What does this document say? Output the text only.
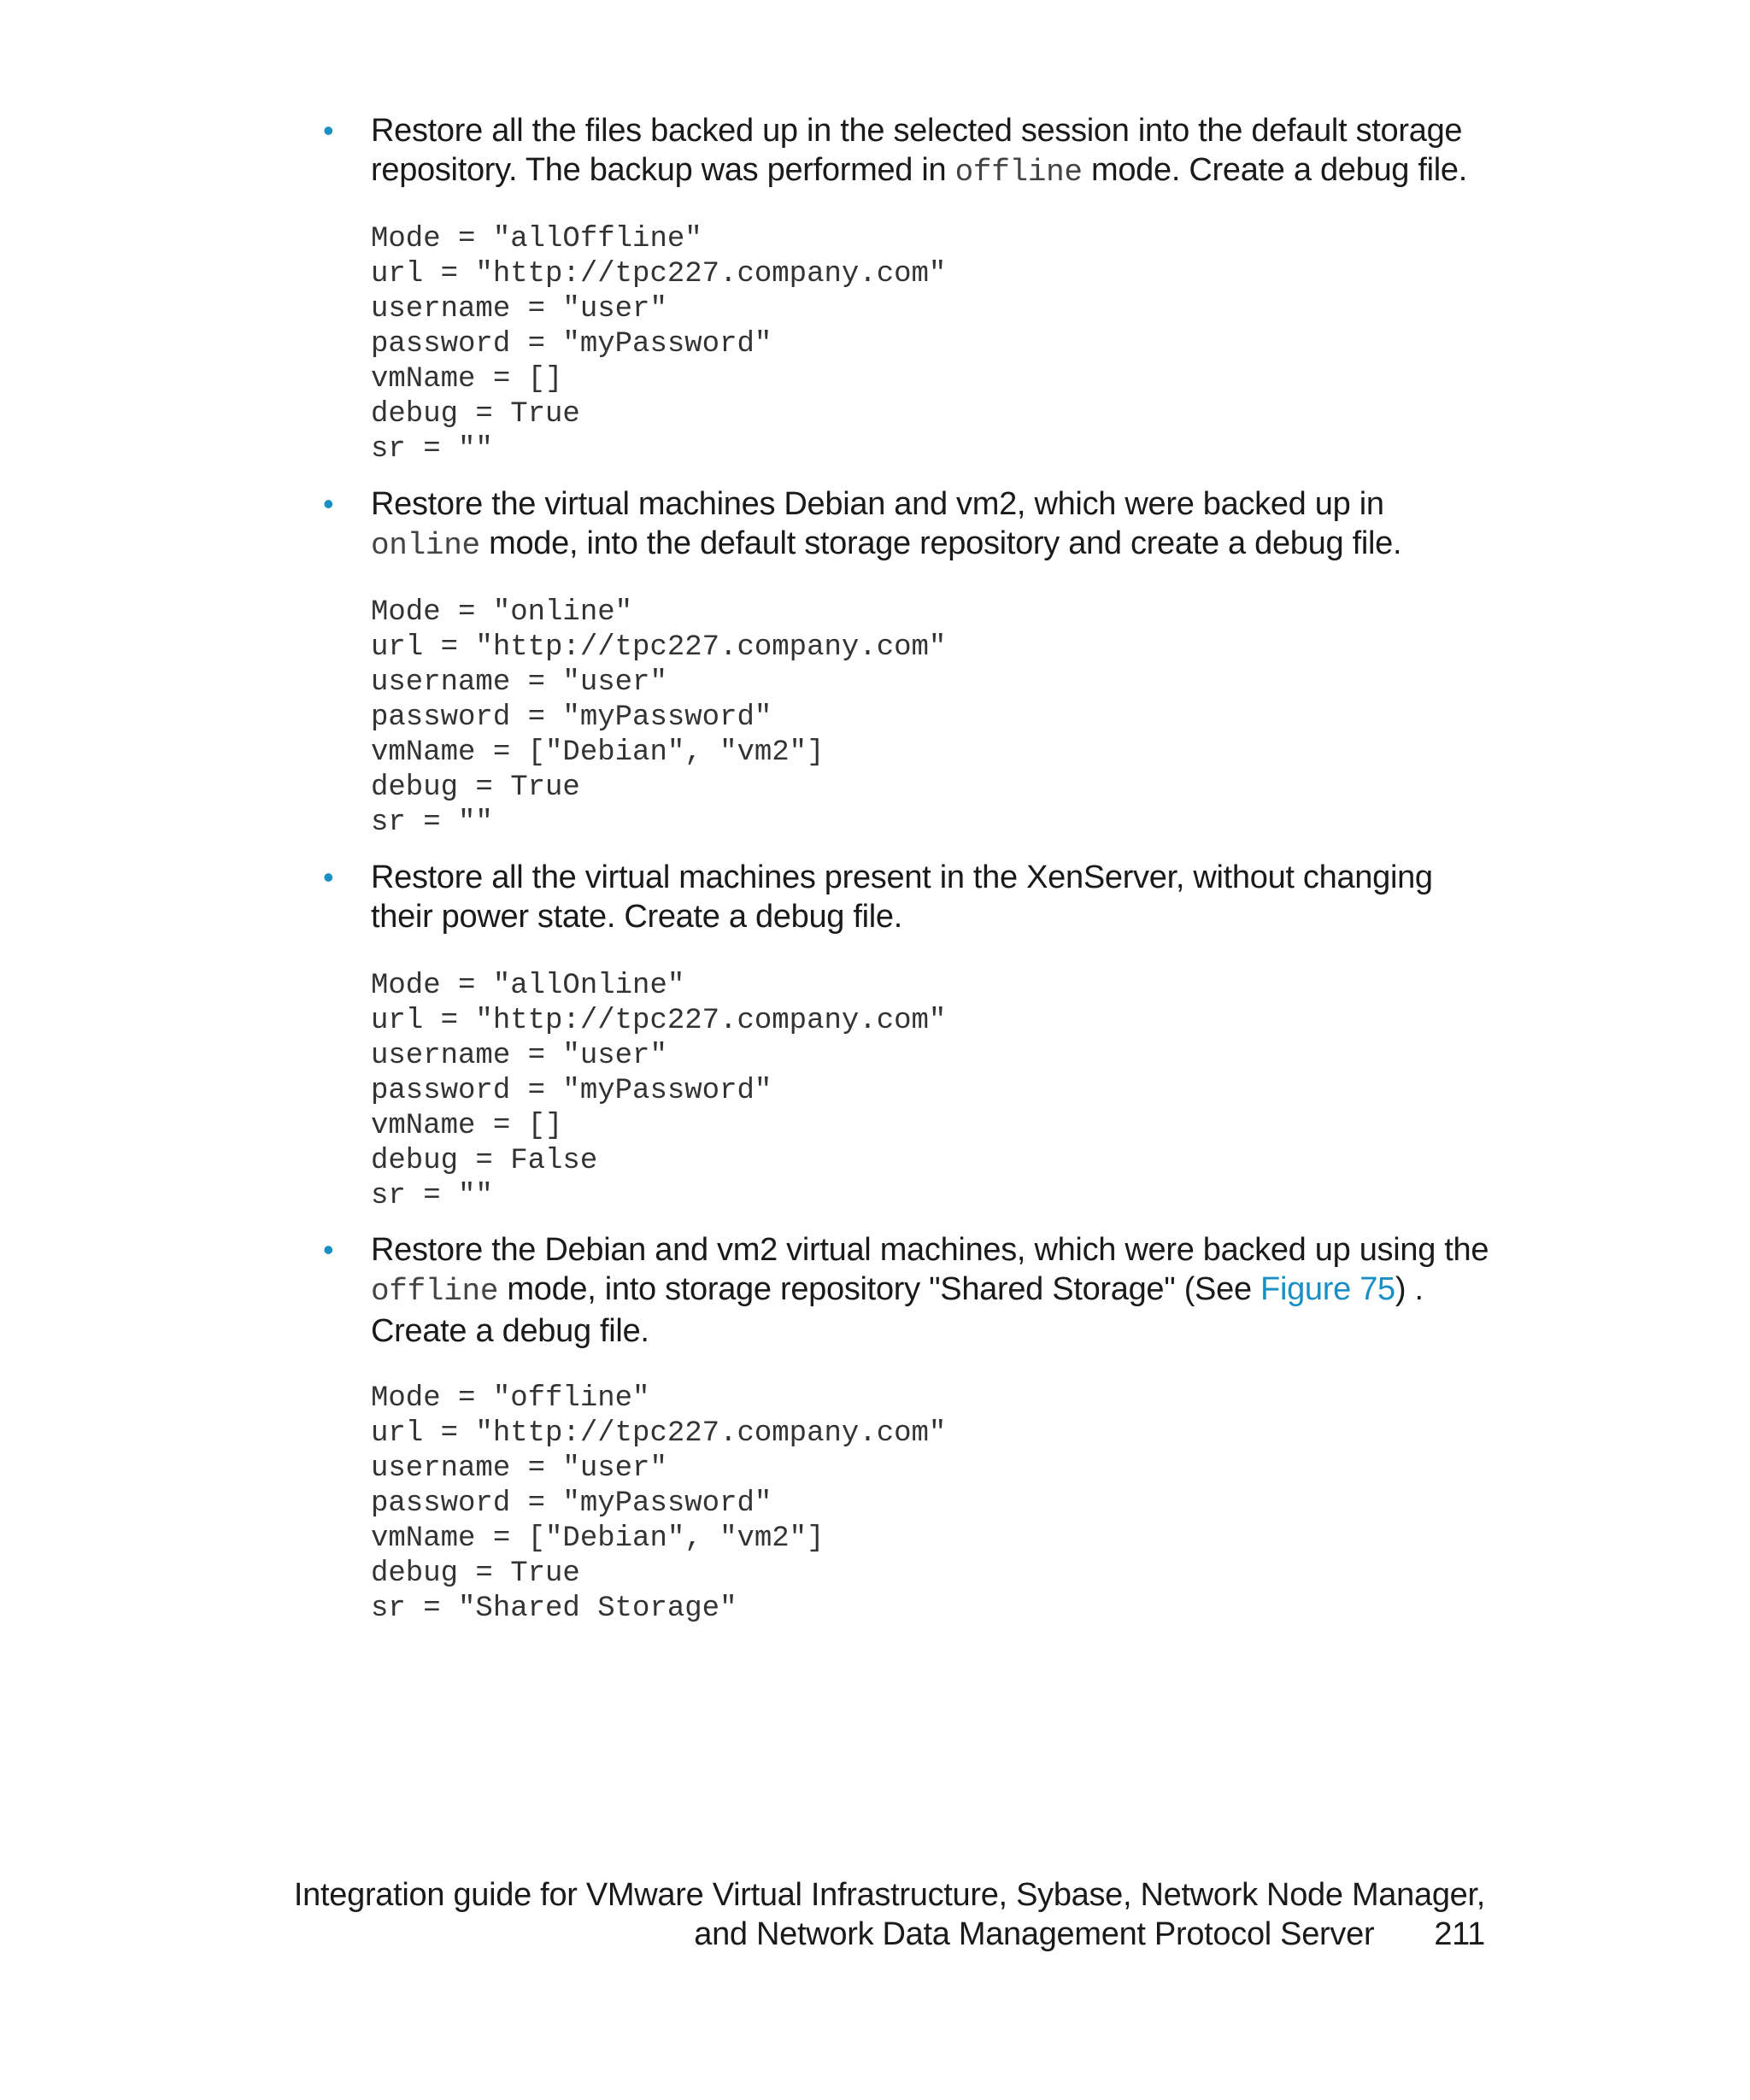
• Restore all the files backed up in the selected session into the default storage repository. The backup was performed in offline mode. Create a debug file.
Mode = "allOffline"
url = "http://tpc227.company.com"
username = "user"
password = "myPassword"
vmName = []
debug = True
sr = ""
• Restore the virtual machines Debian and vm2, which were backed up in online mode, into the default storage repository and create a debug file.
Mode = "online"
url = "http://tpc227.company.com"
username = "user"
password = "myPassword"
vmName = ["Debian", "vm2"]
debug = True
sr = ""
• Restore all the virtual machines present in the XenServer, without changing their power state. Create a debug file.
Mode = "allOnline"
url = "http://tpc227.company.com"
username = "user"
password = "myPassword"
vmName = []
debug = False
sr = ""
• Restore the Debian and vm2 virtual machines, which were backed up using the offline mode, into storage repository "Shared Storage" (See Figure 75) . Create a debug file.
Mode = "offline"
url = "http://tpc227.company.com"
username = "user"
password = "myPassword"
vmName = ["Debian", "vm2"]
debug = True
sr = "Shared Storage"
Integration guide for VMware Virtual Infrastructure, Sybase, Network Node Manager,
and Network Data Management Protocol Server 211
